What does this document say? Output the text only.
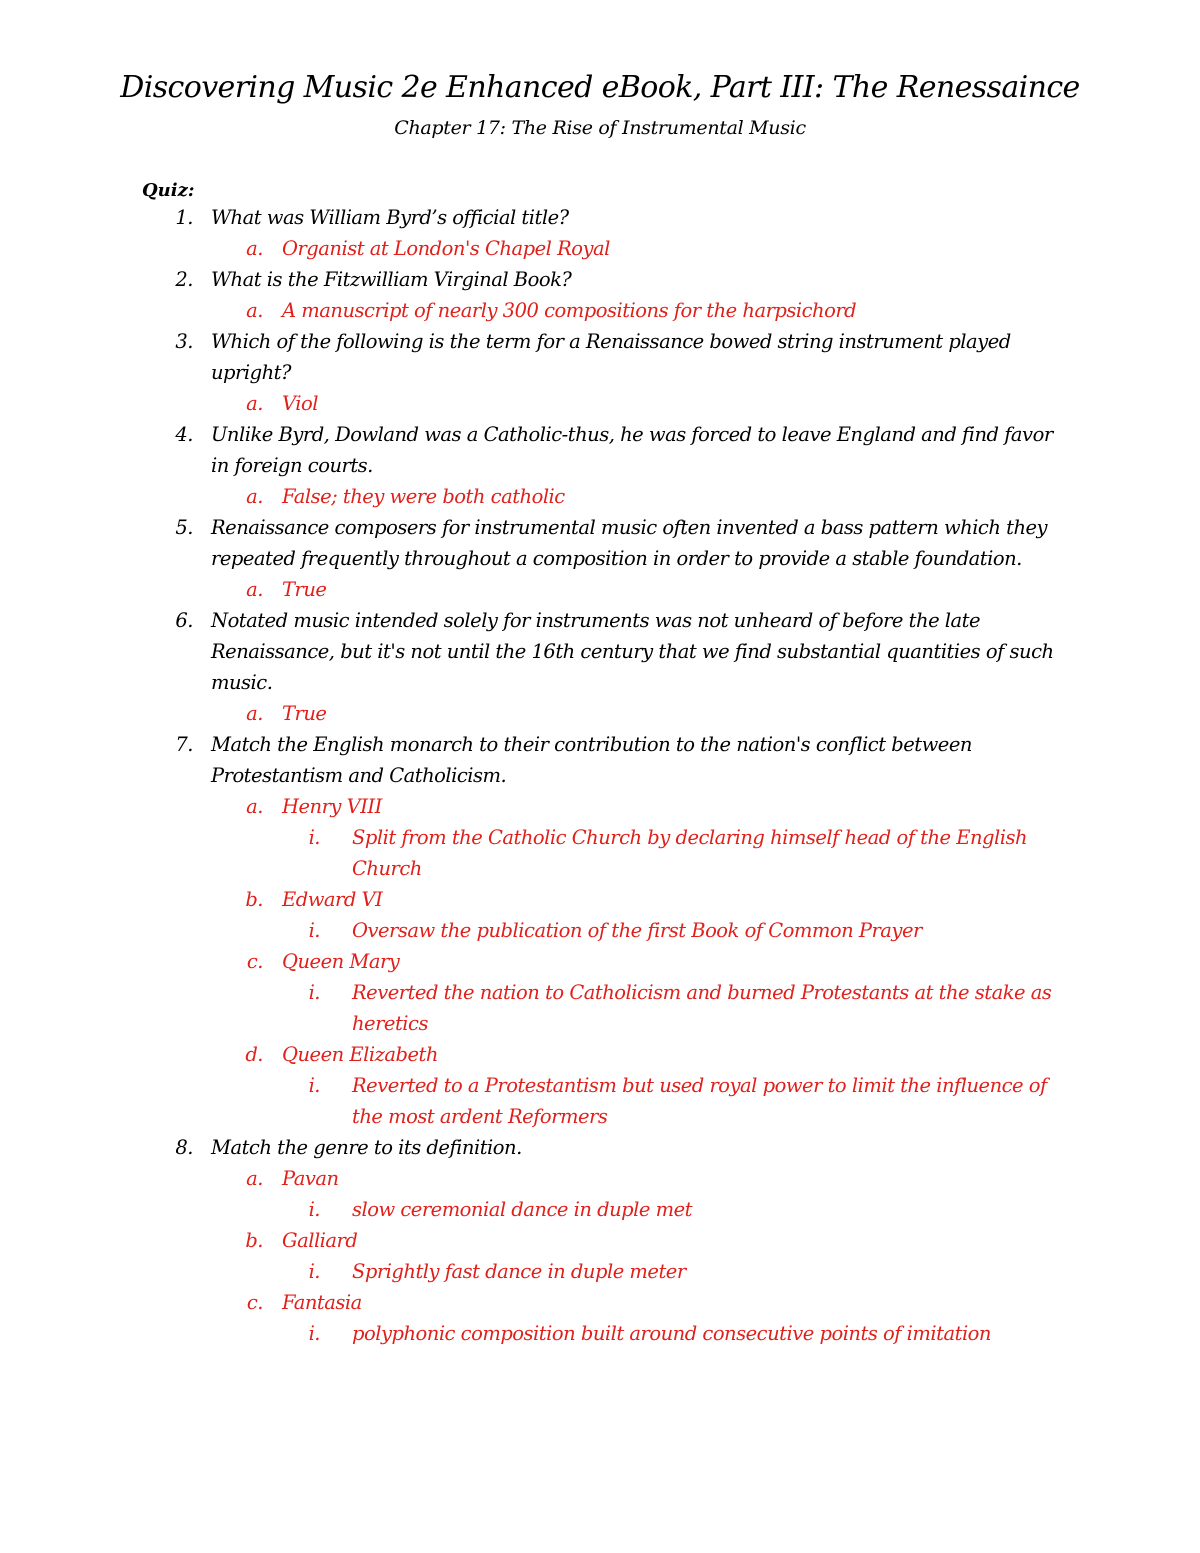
Discovering Music 2e Enhanced eBook, Part III: The Renessaince
Chapter 17: The Rise of Instrumental Music
Quiz:
1. What was William Byrd’s official title?
a. Organist at London's Chapel Royal
2. What is the Fitzwilliam Virginal Book?
a. A manuscript of nearly 300 compositions for the harpsichord
3. Which of the following is the term for a Renaissance bowed string instrument played upright?
a. Viol
4. Unlike Byrd, Dowland was a Catholic-thus, he was forced to leave England and find favor in foreign courts.
a. False; they were both catholic
5. Renaissance composers for instrumental music often invented a bass pattern which they repeated frequently throughout a composition in order to provide a stable foundation.
a. True
6. Notated music intended solely for instruments was not unheard of before the late Renaissance, but it's not until the 16th century that we find substantial quantities of such music.
a. True
7. Match the English monarch to their contribution to the nation's conflict between Protestantism and Catholicism.
a. Henry VIII
i. Split from the Catholic Church by declaring himself head of the English Church
b. Edward VI
i. Oversaw the publication of the first Book of Common Prayer
c. Queen Mary
i. Reverted the nation to Catholicism and burned Protestants at the stake as heretics
d. Queen Elizabeth
i. Reverted to a Protestantism but used royal power to limit the influence of the most ardent Reformers
8. Match the genre to its definition.
a. Pavan
i. slow ceremonial dance in duple met
b. Galliard
i. Sprightly fast dance in duple meter
c. Fantasia
i. polyphonic composition built around consecutive points of imitation
